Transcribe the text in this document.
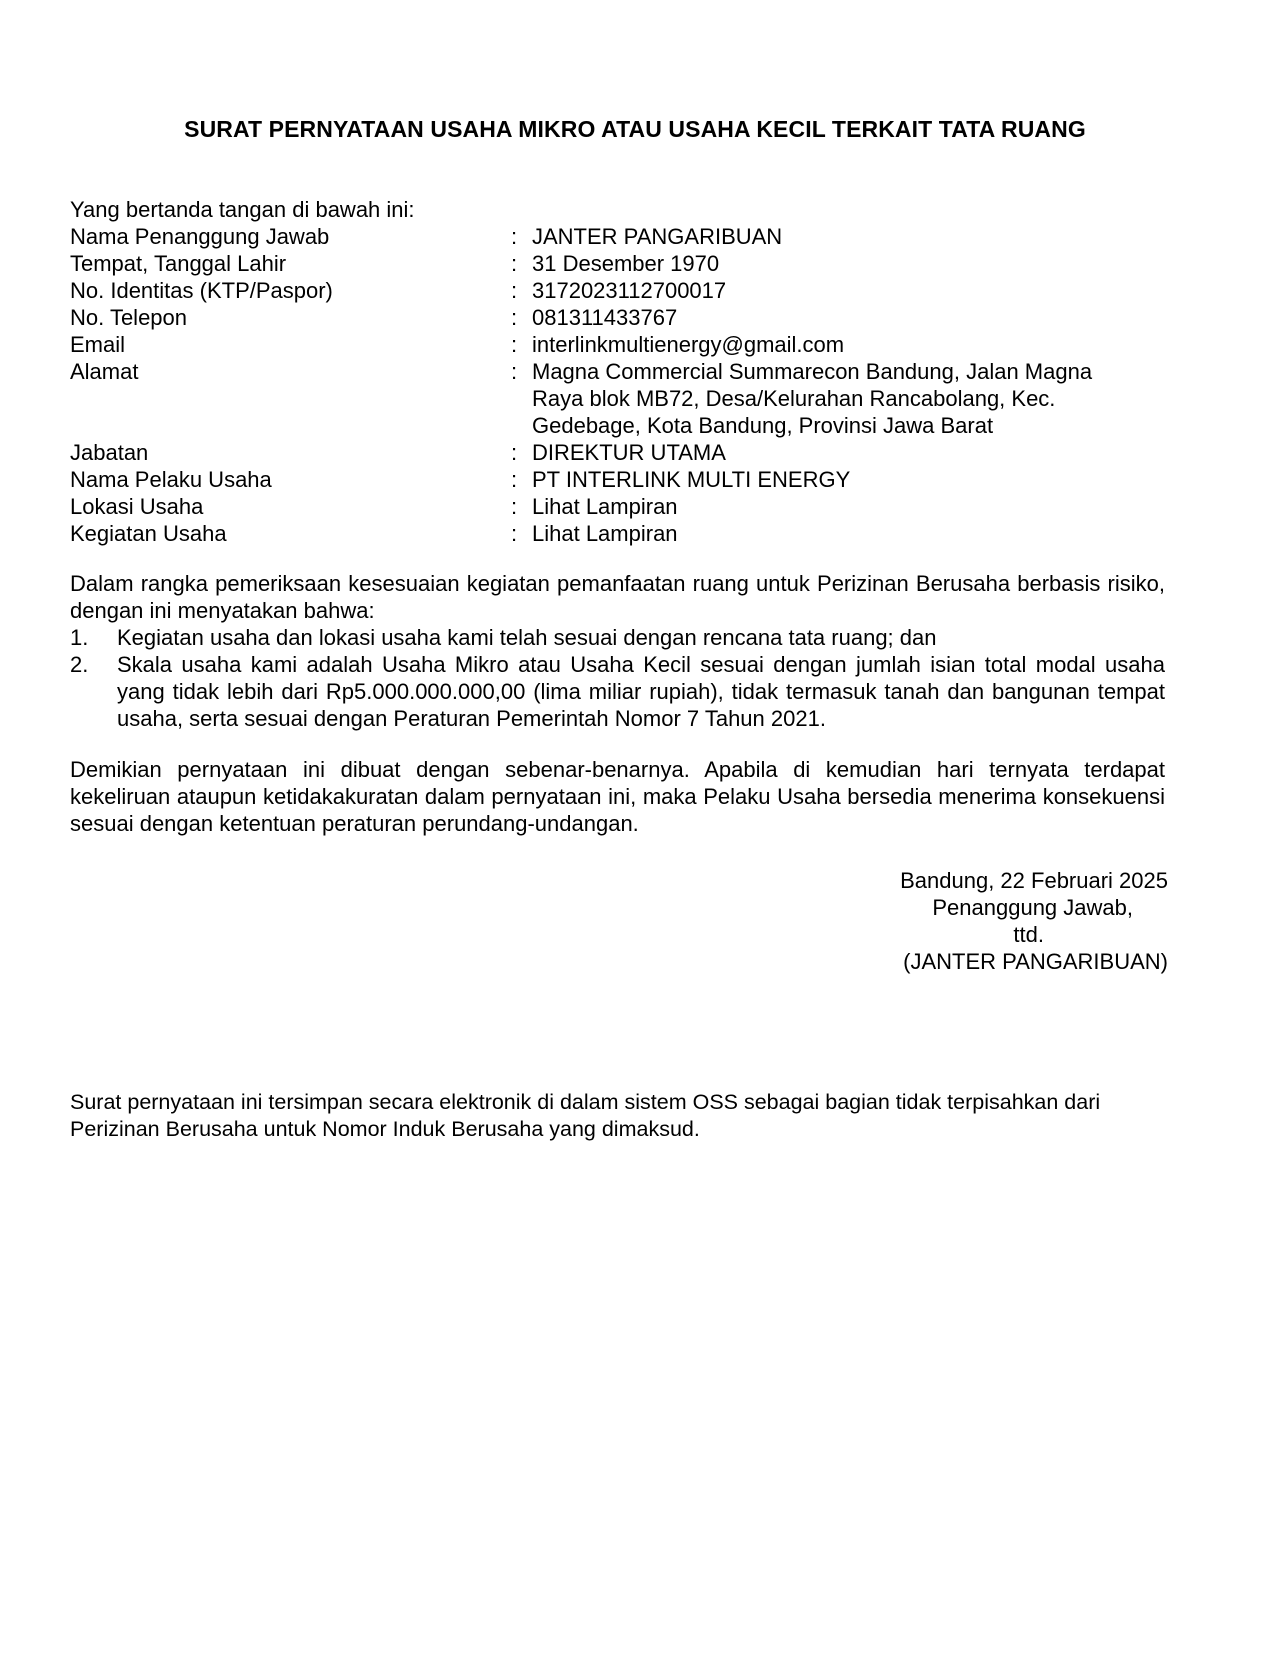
SURAT PERNYATAAN USAHA MIKRO ATAU USAHA KECIL TERKAIT TATA RUANG
Yang bertanda tangan di bawah ini:
Nama Penanggung Jawab	: JANTER PANGARIBUAN
Tempat, Tanggal Lahir	: 31 Desember 1970
No. Identitas (KTP/Paspor)	: 3172023112700017
No. Telepon	: 081311433767
Email	: interlinkmultienergy@gmail.com
Alamat	: Magna Commercial Summarecon Bandung, Jalan Magna Raya blok MB72, Desa/Kelurahan Rancabolang, Kec. Gedebage, Kota Bandung, Provinsi Jawa Barat
Jabatan	: DIREKTUR UTAMA
Nama Pelaku Usaha	: PT INTERLINK MULTI ENERGY
Lokasi Usaha	: Lihat Lampiran
Kegiatan Usaha	: Lihat Lampiran
Dalam rangka pemeriksaan kesesuaian kegiatan pemanfaatan ruang untuk Perizinan Berusaha berbasis risiko, dengan ini menyatakan bahwa:
1. Kegiatan usaha dan lokasi usaha kami telah sesuai dengan rencana tata ruang; dan
2. Skala usaha kami adalah Usaha Mikro atau Usaha Kecil sesuai dengan jumlah isian total modal usaha yang tidak lebih dari Rp5.000.000.000,00 (lima miliar rupiah), tidak termasuk tanah dan bangunan tempat usaha, serta sesuai dengan Peraturan Pemerintah Nomor 7 Tahun 2021.
Demikian pernyataan ini dibuat dengan sebenar-benarnya. Apabila di kemudian hari ternyata terdapat kekeliruan ataupun ketidakakuratan dalam pernyataan ini, maka Pelaku Usaha bersedia menerima konsekuensi sesuai dengan ketentuan peraturan perundang-undangan.
Bandung, 22 Februari 2025
Penanggung Jawab,
ttd.
(JANTER PANGARIBUAN)
Surat pernyataan ini tersimpan secara elektronik di dalam sistem OSS sebagai bagian tidak terpisahkan dari Perizinan Berusaha untuk Nomor Induk Berusaha yang dimaksud.
